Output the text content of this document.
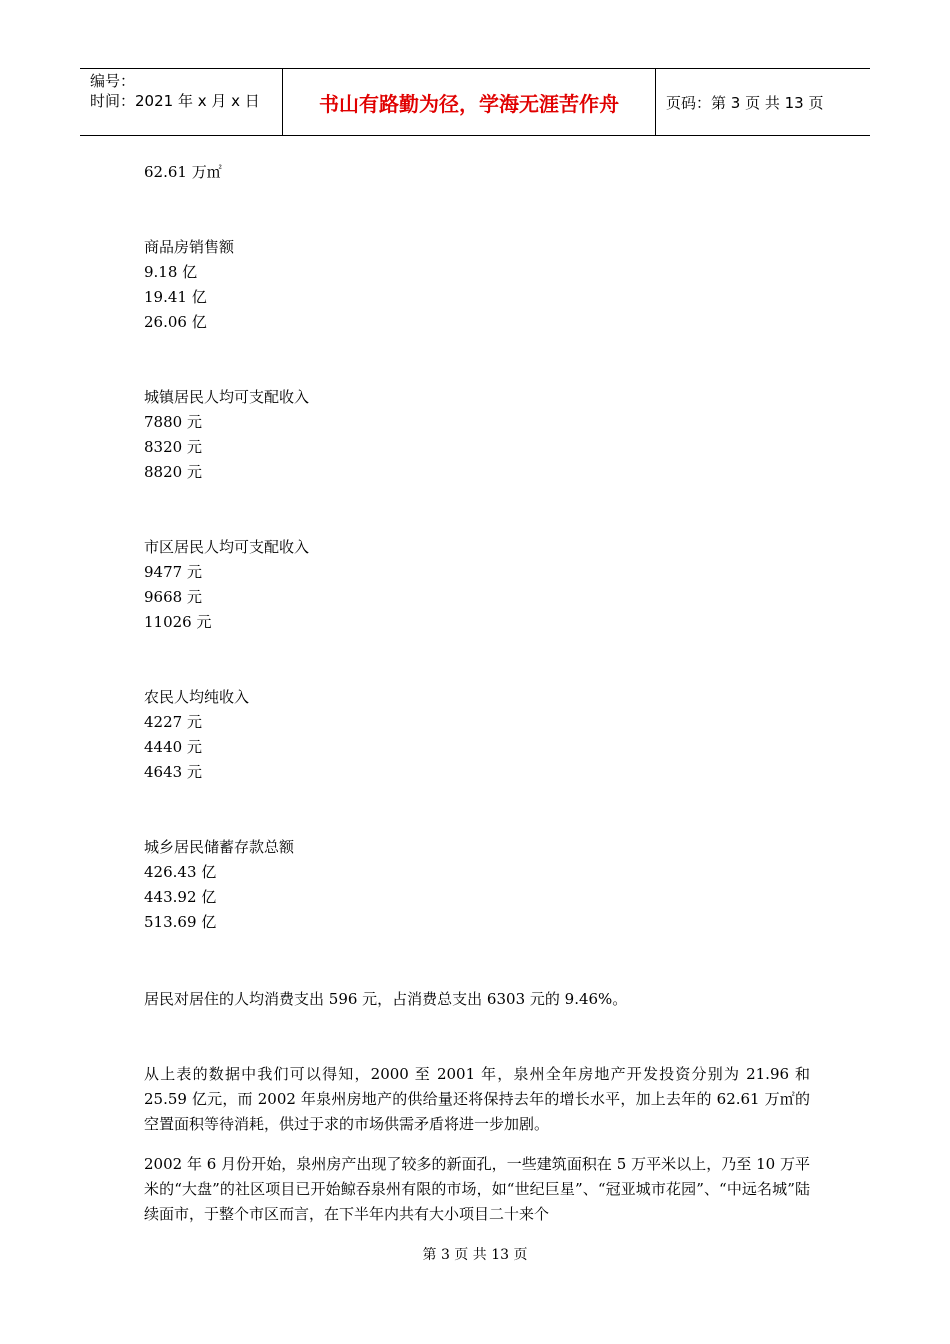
编号：
时间：2021 年 x 月 x 日	书山有路勤为径，学海无涯苦作舟	页码：第 3 页 共 13 页
62.61 万㎡
商品房销售额
9.18 亿
19.41 亿
26.06 亿
城镇居民人均可支配收入
7880 元
8320 元
8820 元
市区居民人均可支配收入
9477 元
9668 元
11026 元
农民人均纯收入
4227 元
4440 元
4643 元
城乡居民储蓄存款总额
426.43 亿
443.92 亿
513.69 亿
居民对居住的人均消费支出 596 元，占消费总支出 6303 元的 9.46%。
从上表的数据中我们可以得知，2000 至 2001 年，泉州全年房地产开发投资分别为 21.96 和 25.59 亿元，而 2002 年泉州房地产的供给量还将保持去年的增长水平，加上去年的 62.61 万㎡的空置面积等待消耗，供过于求的市场供需矛盾将进一步加剧。
2002 年 6 月份开始，泉州房产出现了较多的新面孔，一些建筑面积在 5 万平米以上，乃至 10 万平米的“大盘”的社区项目已开始鲸吞泉州有限的市场，如“世纪巨星”、“冠亚城市花园”、“中远名城”陆续面市，于整个市区而言，在下半年内共有大小项目二十来个
第 3 页 共 13 页
